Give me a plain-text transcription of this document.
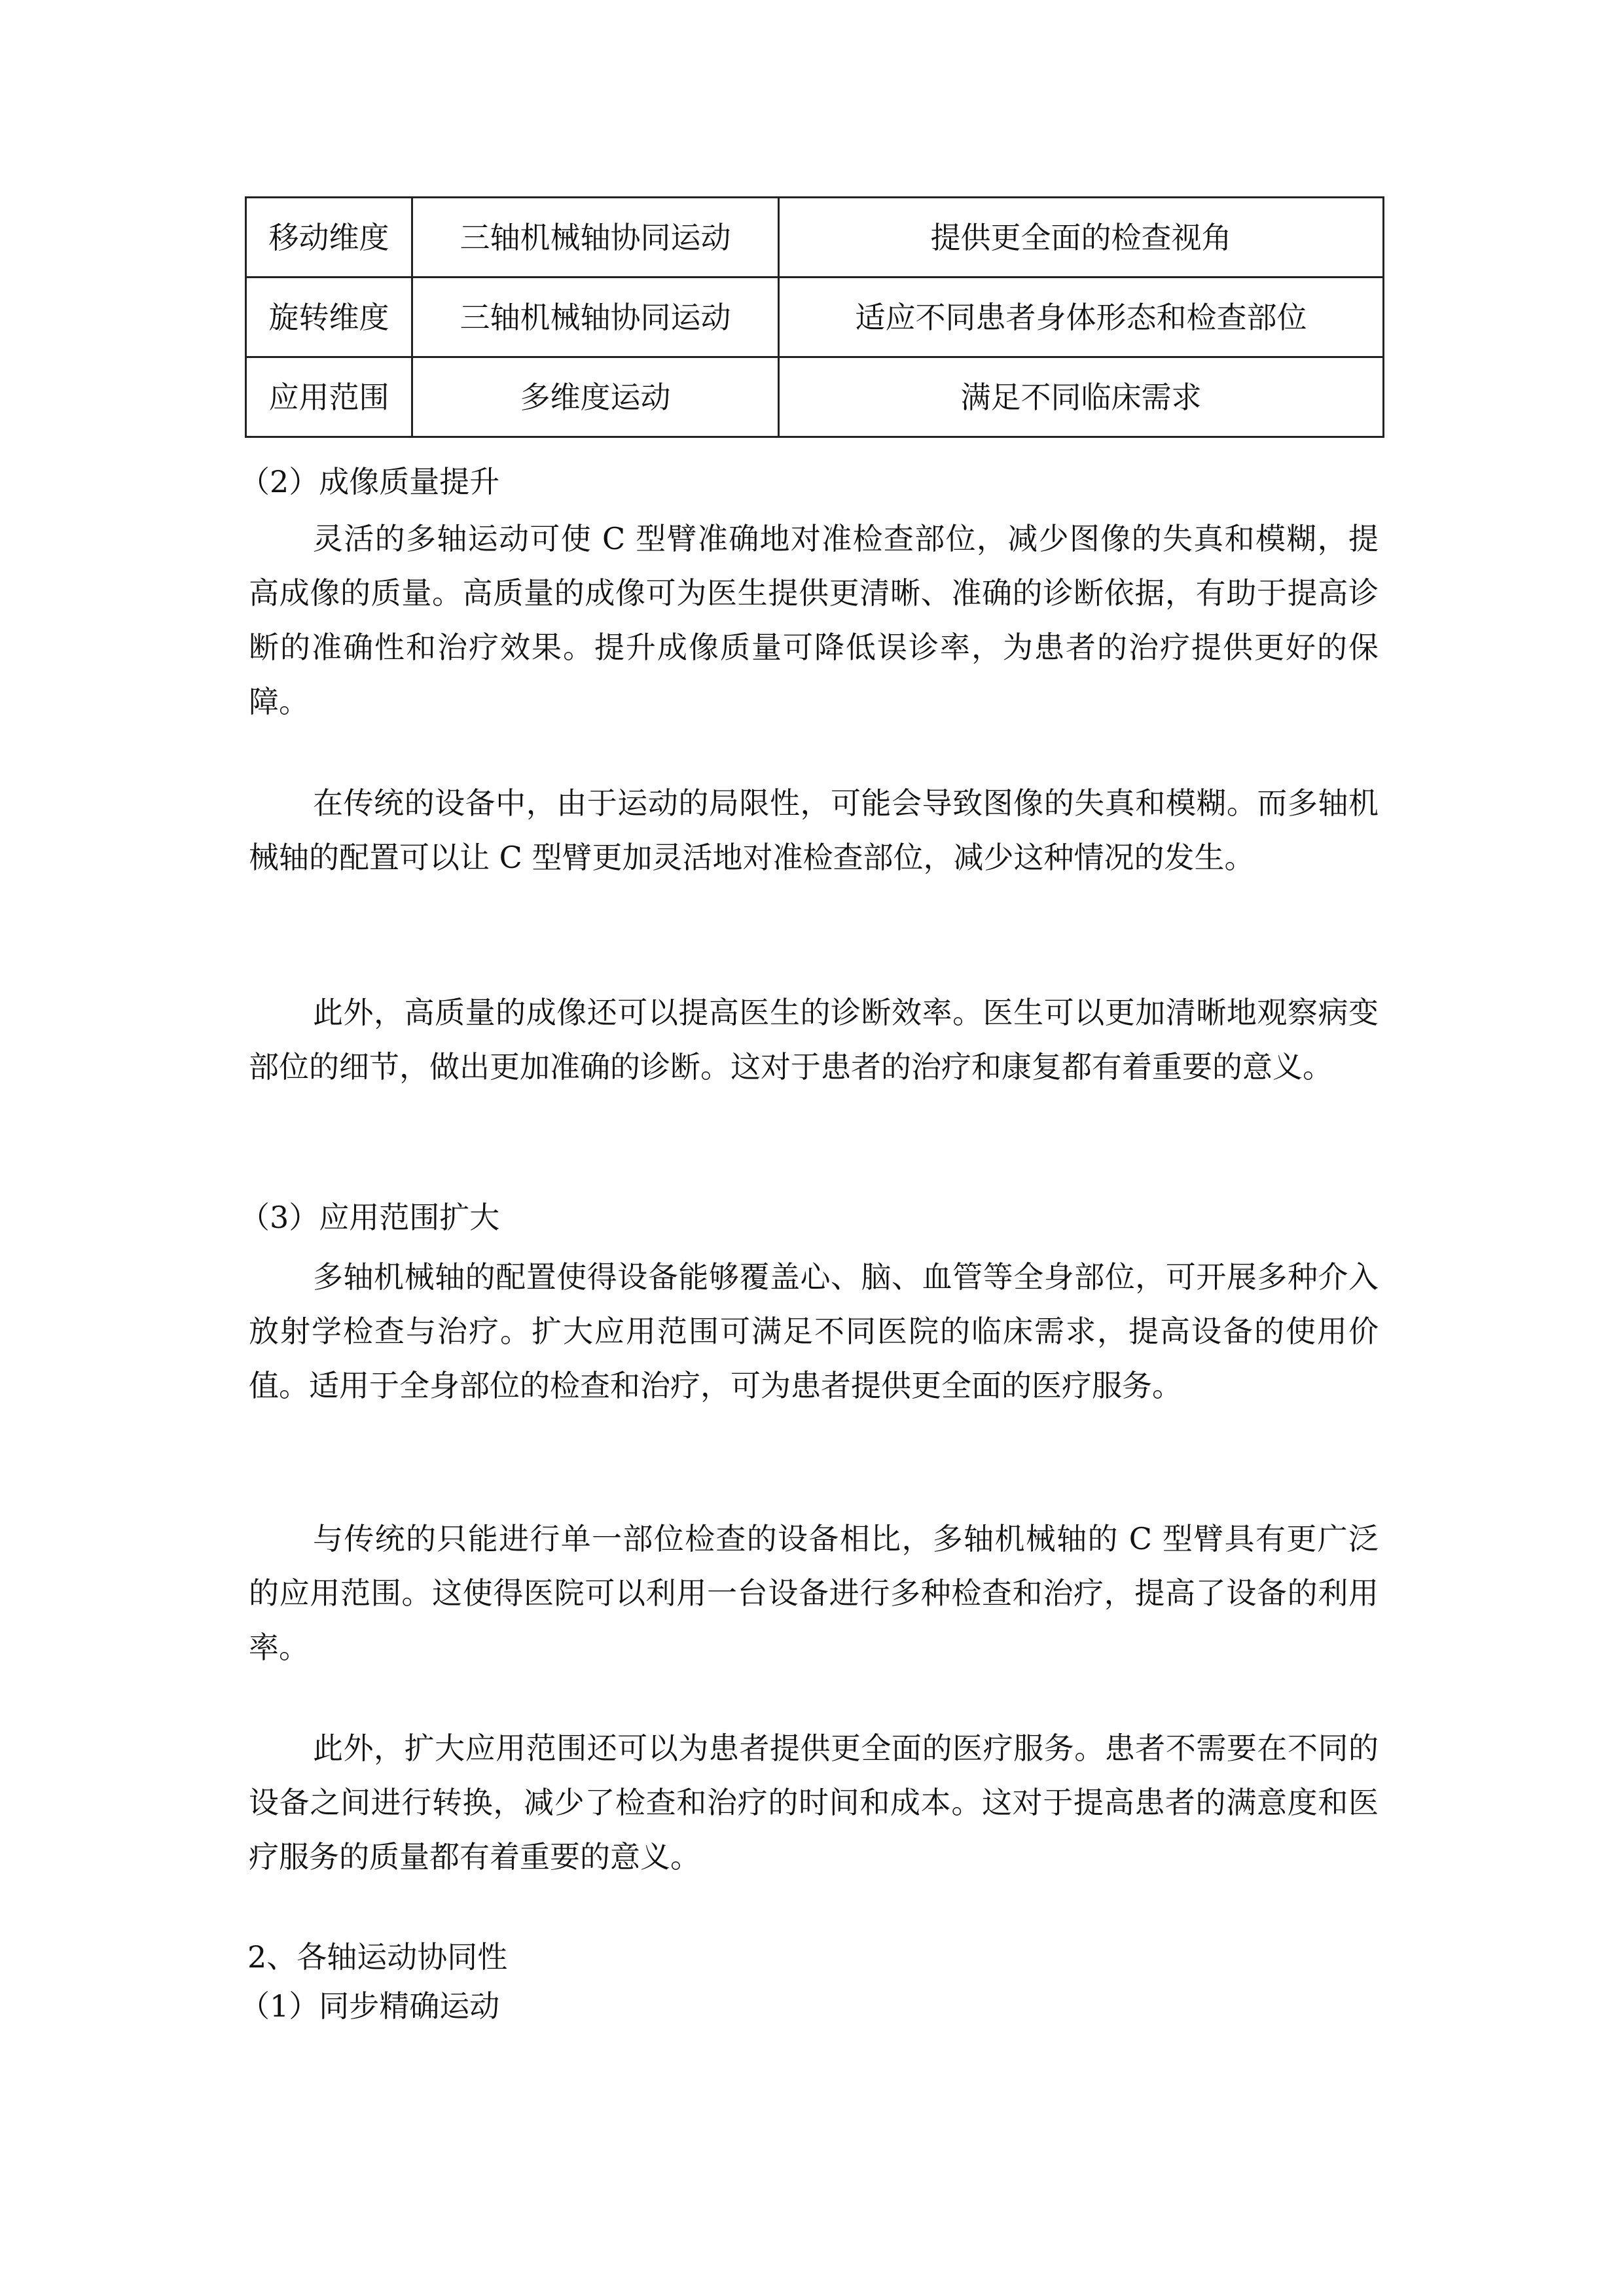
移动维度	三轴机械轴协同运动	提供更全面的检查视角
旋转维度	三轴机械轴协同运动	适应不同患者身体形态和检查部位
应用范围	多维度运动	满足不同临床需求
（2）成像质量提升

灵活的多轴运动可使 C 型臂准确地对准检查部位，减少图像的失真和模糊，提高成像的质量。高质量的成像可为医生提供更清晰、准确的诊断依据，有助于提高诊断的准确性和治疗效果。提升成像质量可降低误诊率，为患者的治疗提供更好的保障。

在传统的设备中，由于运动的局限性，可能会导致图像的失真和模糊。而多轴机械轴的配置可以让 C 型臂更加灵活地对准检查部位，减少这种情况的发生。

此外，高质量的成像还可以提高医生的诊断效率。医生可以更加清晰地观察病变部位的细节，做出更加准确的诊断。这对于患者的治疗和康复都有着重要的意义。

（3）应用范围扩大

多轴机械轴的配置使得设备能够覆盖心、脑、血管等全身部位，可开展多种介入放射学检查与治疗。扩大应用范围可满足不同医院的临床需求，提高设备的使用价值。适用于全身部位的检查和治疗，可为患者提供更全面的医疗服务。

与传统的只能进行单一部位检查的设备相比，多轴机械轴的 C 型臂具有更广泛的应用范围。这使得医院可以利用一台设备进行多种检查和治疗，提高了设备的利用率。

此外，扩大应用范围还可以为患者提供更全面的医疗服务。患者不需要在不同的设备之间进行转换，减少了检查和治疗的时间和成本。这对于提高患者的满意度和医疗服务的质量都有着重要的意义。

2、各轴运动协同性
（1）同步精确运动
